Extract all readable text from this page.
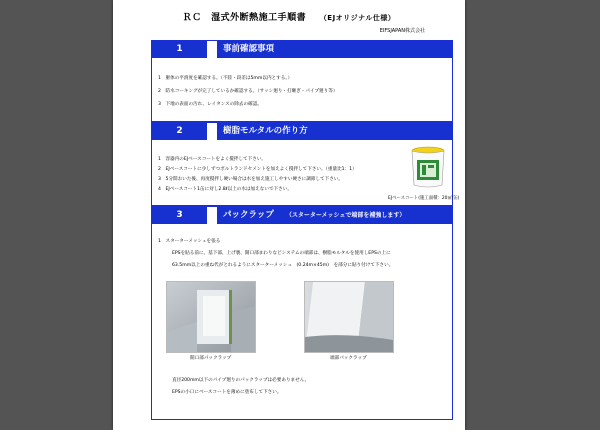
ＲＣ　湿式外断熱施工手順書 （EJオリジナル仕様）
EIFSJAPAN株式会社
1	事前確認事項
1　躯体の平滑度を確認する。（不陸・段差は5mm以内とする。）
2　防水コーキングが完了しているか確認する。（サッシ廻り・打継ぎ・パイプ廻り等）
3　下地の表面の汚れ、レイタンスの除去の確認。
2	樹脂モルタルの作り方
1　容器内のEJベースコートをよく撹拌して下さい。
2　EJベースコートに少しずつポルトランドセメントを加えよく撹拌して下さい。（重量比1：1）
3　5分間おいた後、再度撹拌し硬い場合は水を加え施工しやすい硬さに調節して下さい。
4　EJベースコート1缶に対し2.8ℓ以上の水は加えないで下さい。
EJベースコート(施工面積：20㎡/缶)
3	パックラップ （スターターメッシュで端部を補強します）
1　スターターメッシュを張る
EPSを貼る前に、基下部、上げ裏、開口部まわりなどシステムの端部は、樹脂モルタルを使用しEPSの上に
63.5mm以上の重ね代がとれるようにスターターメッシュ　(0.24m×45m)　を部分に貼り付けて下さい。
開口部パックラップ	端部パックラップ
直径200mm以下のパイプ廻りのパックラップは必要ありません。
EPSの小口にベースコートを薄めに塗布して下さい。
